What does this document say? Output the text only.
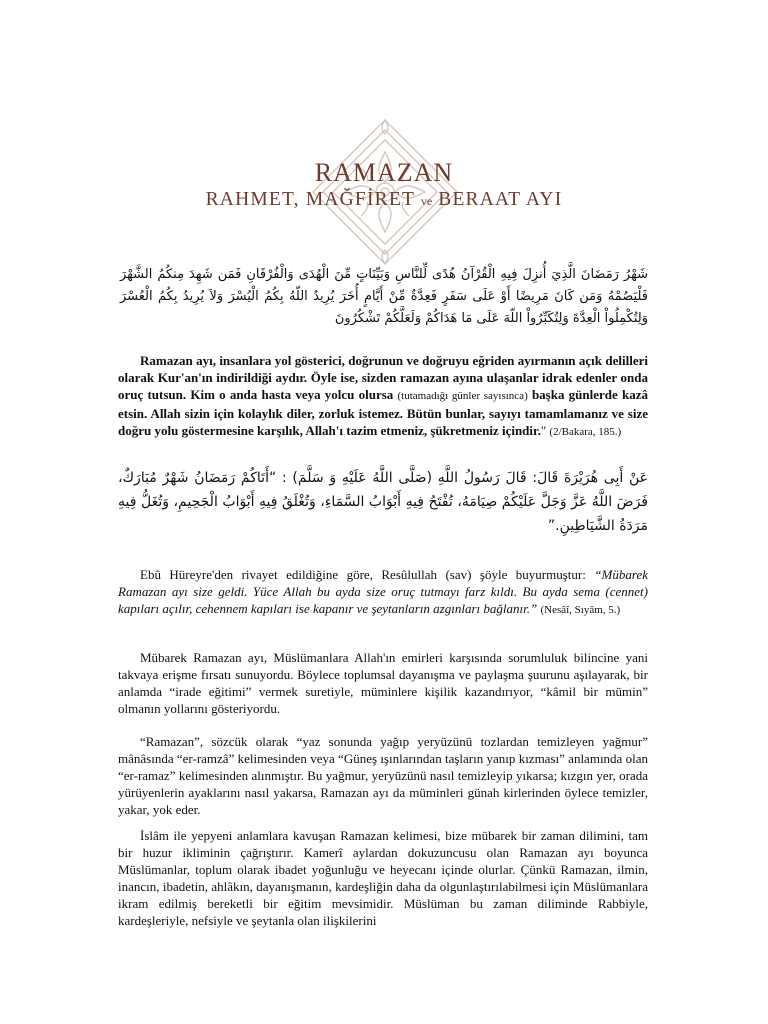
RAMAZAN
RAHMET, MAĞFİRET ve BERAAT AYI
شَهْرُ رَمَضَانَ الَّذِيَ أُنزِلَ فِيهِ الْقُرْآنُ هُدًى لِّلنَّاسِ وَبَيِّنَاتٍ مِّنَ الْهُدَى وَالْفُرْقَانِ فَمَن شَهِدَ مِنكُمُ الشَّهْرَ فَلْيَصُمْهُ وَمَن كَانَ مَرِيضًا أَوْ عَلَى سَفَرٍ فَعِدَّةٌ مِّنْ أَيَّامٍ أُخَرَ يُرِيدُ اللّهُ بِكُمُ الْيُسْرَ وَلاَ يُرِيدُ بِكُمُ الْعُسْرَ وَلِتُكْمِلُواْ الْعِدَّةَ وَلِتُكَبِّرُواْ اللّهَ عَلَى مَا هَدَاكُمْ وَلَعَلَّكُمْ تَشْكُرُونَ
Ramazan ayı, insanlara yol gösterici, doğrunun ve doğruyu eğriden ayırmanın açık delilleri olarak Kur'an'ın indirildiği aydır. Öyle ise, sizden ramazan ayına ulaşanlar idrak edenler onda oruç tutsun. Kim o anda hasta veya yolcu olursa (tutamadığı günler sayısınca) başka günlerde kazâ etsin. Allah sizin için kolaylık diler, zorluk istemez. Bütün bunlar, sayıyı tamamlamanız ve size doğru yolu göstermesine karşılık, Allah'ı tazim etmeniz, şükretmeniz içindir." (2/Bakara, 185.)
عَنْ أَبِى هُرَيْرَةَ قَالَ: قَالَ رَسُولُ اللَّهِ (صَلَّى اللَّهُ عَلَيْهِ وَ سَلَّمَ) : “أَتَاكُمْ رَمَضَانُ شَهْرٌ مُبَارَكٌ، فَرَضَ اللَّهُ عَزَّ وَجَلَّ عَلَيْكُمْ صِيَامَهُ، تُفْتَحُ فِيهِ أَبْوَابُ السَّمَاءِ، وَتُغْلَقُ فِيهِ أَبْوَابُ الْجَحِيمِ، وَتُغَلُّ فِيهِ مَرَدَةُ الشَّيَاطِينِ.”
Ebû Hüreyre'den rivayet edildiğine göre, Resûlullah (sav) şöyle buyurmuştur: “Mübarek Ramazan ayı size geldi. Yüce Allah bu ayda size oruç tutmayı farz kıldı. Bu ayda sema (cennet) kapıları açılır, cehennem kapıları ise kapanır ve şeytanların azgınları bağlanır.” (Nesâî, Sıyâm, 5.)
Mübarek Ramazan ayı, Müslümanlara Allah'ın emirleri karşısında sorumluluk bilincine yani takvaya erişme fırsatı sunuyordu. Böylece toplumsal dayanışma ve paylaşma şuurunu aşılayarak, bir anlamda “irade eğitimi” vermek suretiyle, müminlere kişilik kazandırıyor, “kâmil bir mümin” olmanın yollarını gösteriyordu.
“Ramazan”, sözcük olarak “yaz sonunda yağıp yeryüzünü tozlardan temizleyen yağmur” mânâsında “er-ramzâ” kelimesinden veya “Güneş ışınlarından taşların yanıp kızması” anlamında olan “er-ramaz” kelimesinden alınmıştır. Bu yağmur, yeryüzünü nasıl temizleyip yıkarsa; kızgın yer, orada yürüyenlerin ayaklarını nasıl yakarsa, Ramazan ayı da müminleri günah kirlerinden öylece temizler, yakar, yok eder.
İslâm ile yepyeni anlamlara kavuşan Ramazan kelimesi, bize mübarek bir zaman dilimini, tam bir huzur ikliminin çağrıştırır. Kamerî aylardan dokuzuncusu olan Ramazan ayı boyunca Müslümanlar, toplum olarak ibadet yoğunluğu ve heyecanı içinde olurlar. Çünkü Ramazan, ilmin, inancın, ibadetin, ahlâkın, dayanışmanın, kardeşliğin daha da olgunlaştırılabilmesi için Müslümanlara ikram edilmiş bereketli bir eğitim mevsimidir. Müslüman bu zaman diliminde Rabbiyle, kardeşleriyle, nefsiyle ve şeytanla olan ilişkilerini
